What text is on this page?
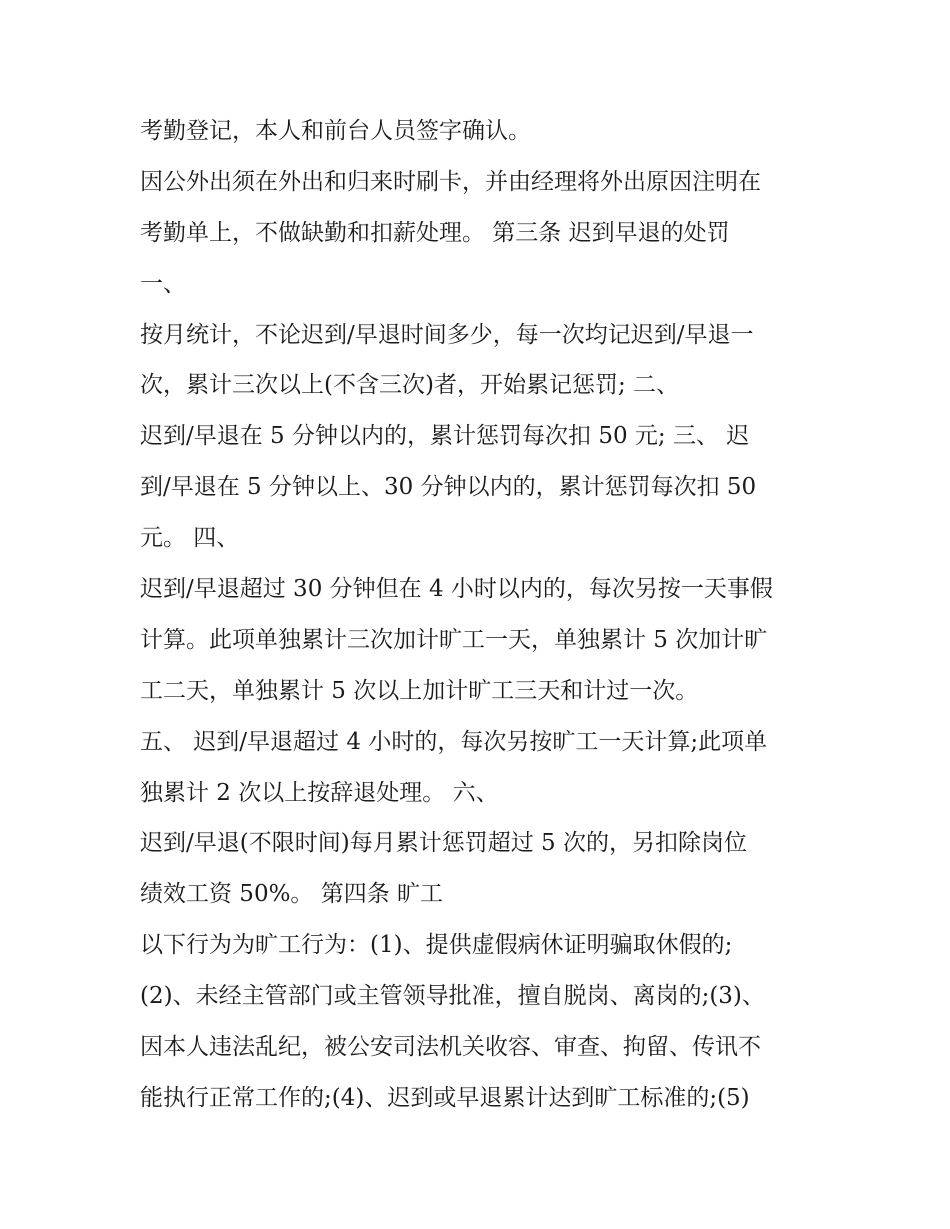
考勤登记，本人和前台人员签字确认。
因公外出须在外出和归来时刷卡，并由经理将外出原因注明在
考勤单上，不做缺勤和扣薪处理。 第三条 迟到早退的处罚
一、
按月统计，不论迟到/早退时间多少，每一次均记迟到/早退一
次，累计三次以上(不含三次)者，开始累记惩罚; 二、
迟到/早退在 5 分钟以内的，累计惩罚每次扣 50 元; 三、 迟
到/早退在 5 分钟以上、30 分钟以内的，累计惩罚每次扣 50
元。 四、
迟到/早退超过 30 分钟但在 4 小时以内的，每次另按一天事假
计算。此项单独累计三次加计旷工一天，单独累计 5 次加计旷
工二天，单独累计 5 次以上加计旷工三天和计过一次。
五、 迟到/早退超过 4 小时的，每次另按旷工一天计算;此项单
独累计 2 次以上按辞退处理。 六、
迟到/早退(不限时间)每月累计惩罚超过 5 次的，另扣除岗位
绩效工资 50%。 第四条 旷工
以下行为为旷工行为：(1)、提供虚假病休证明骗取休假的;
(2)、未经主管部门或主管领导批准，擅自脱岗、离岗的;(3)、
因本人违法乱纪，被公安司法机关收容、审查、拘留、传讯不
能执行正常工作的;(4)、迟到或早退累计达到旷工标准的;(5)
